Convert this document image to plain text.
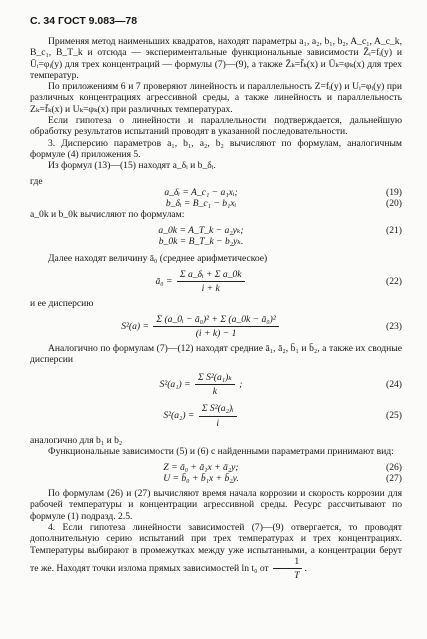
С. 34 ГОСТ 9.083—78

Применяя метод наименьших квадратов, находят параметры a₁, a₂, b₁, b₂, A_c₁, A_c_k, B_c₁, B_T_k и отсюда — экспериментальные функциональные зависимости Z̄ᵢ=fᵢ(y) и Ūᵢ=φᵢ(y) для трех концентраций — формулы (7)—(9), а также Z̄ₖ=f̄ₖ(x) и Ūₖ=φₖ(x) для трех температур.

По приложениям 6 и 7 проверяют линейность и параллельность Z=fᵢ(y) и Uᵢ=φᵢ(y) при различных концентрациях агрессивной среды, а также линейность и параллельность Zₖ=f̄ₖ(x) и Uₖ=φₖ(x) при различных температурах.

Если гипотеза о линейности и параллельности подтверждается, дальнейшую обработку результатов испытаний проводят в указанной последовательности.

3. Дисперсию параметров a₁, b₁, a₂, b₂ вычисляют по формулам, аналогичным формуле (4) приложения 5.

Из формул (13)—(15) находят a_δᵢ и b_δᵢ.

где

a_δᵢ = A_c₁ − a₁xᵢ;	(19)
b_δᵢ = B_c₁ − b₁xᵢ	(20)

a_0k и b_0k вычисляют по формулам:

a_0k = A_T_k − a₂yₖ;	(21)
b_0k = B_T_k − b₂yₖ.

Далее находят величину ā₀ (среднее арифметическое)

ā₀ = $\frac{\text{Σ a\_δᵢ + Σ a\_0k}}{i + k}$	(22)

и ее дисперсию

$S^2(a) = \frac{\text{Σ (a\_0ᵢ − ā₀)² + Σ (a\_0k − ā₀)²}}{(i + k) - 1}$	(23)

Аналогично по формулам (7)—(12) находят средние ā₁, ā₂, b̄₁ и b̄₂, а также их сводные дисперсии

$S^2(a_1) = \frac{\text{Σ S²(a₁)ₖ}}{k}$ ;	(24)
$S^2(a_2) = \frac{\text{Σ S²(a₂)ᵢ}}{i}$	(25)

аналогично для b₁ и b₂

Функциональные зависимости (5) и (6) с найденными параметрами принимают вид:

Z = ā₀ + ā₁x + ā₂y;	(26)
U = b̄₀ + b̄₁x + b̄₂y.	(27)

По формулам (26) и (27) вычисляют время начала коррозии и скорость коррозии для рабочей температуры и концентрации агрессивной среды. Ресурс рассчитывают по формуле (1) подразд. 2.5.

4. Если гипотеза линейности зависимостей (7)—(9) отвергается, то проводят дополнительную серию испытаний при трех температурах и трех концентрациях. Температуры выбирают в промежутках между уже испытанными, а концентрации берут те же. Находят точки излома прямых зависимостей ln t₀ от $\frac{1}{T}$ .
